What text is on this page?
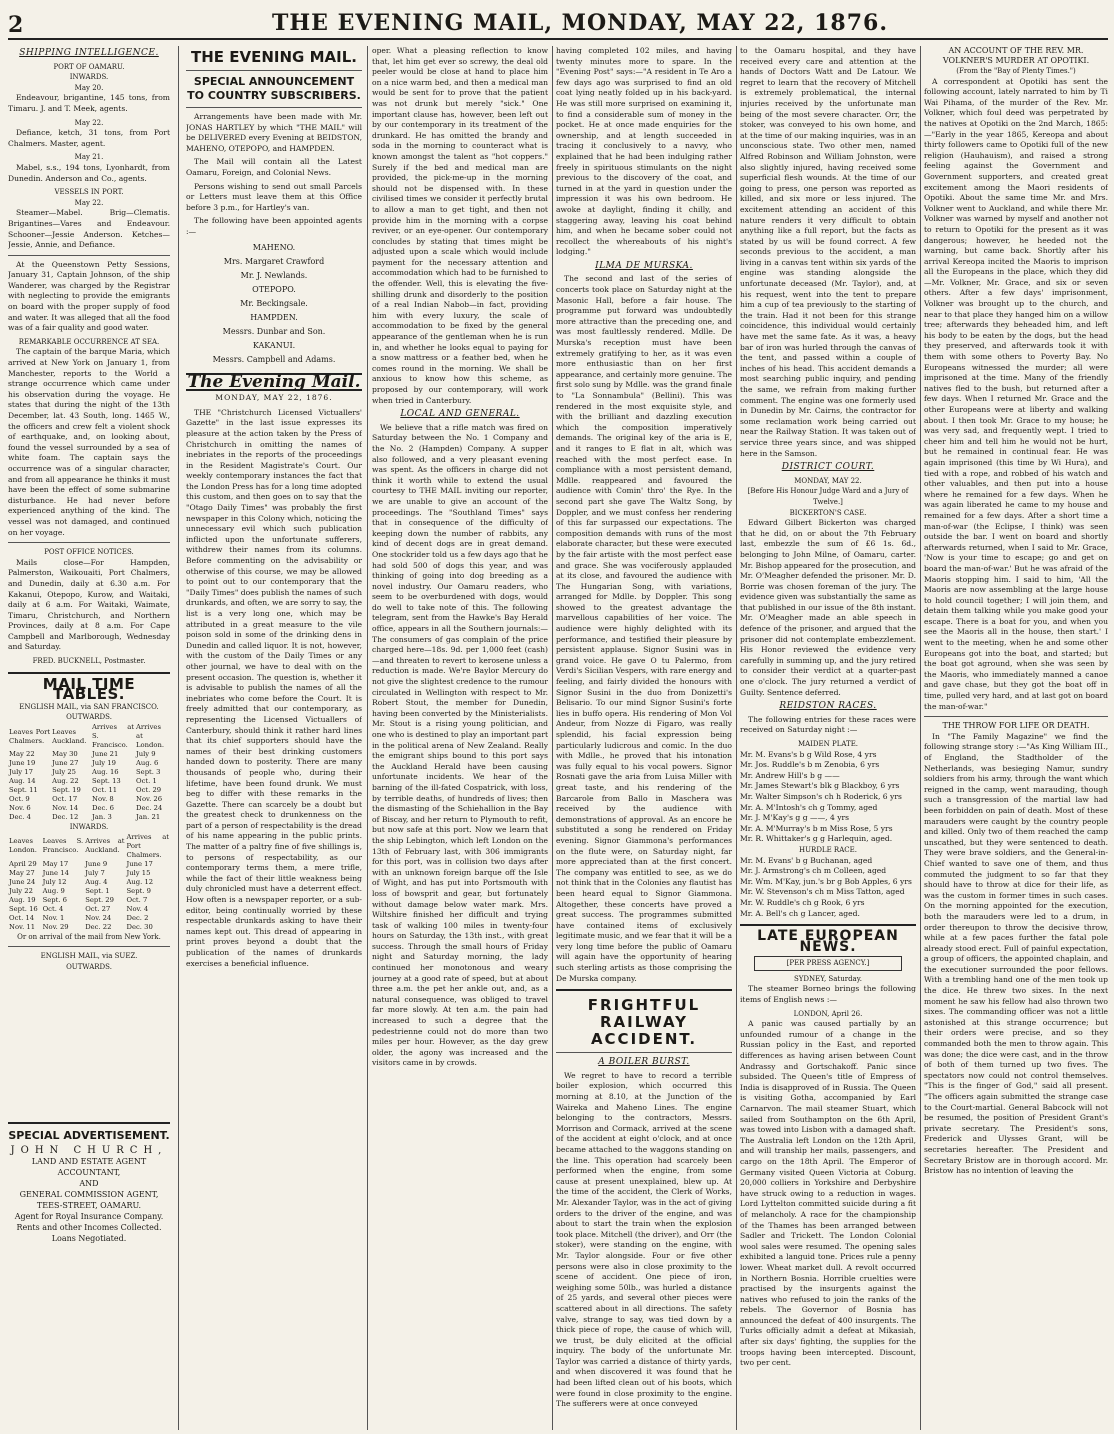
2	THE EVENING MAIL, MONDAY, MAY 22, 1876.
SHIPPING INTELLIGENCE.
PORT OF OAMARU.
INWARDS.
May 20.

Endeavour, brigantine, 145 tons, from Timaru. J. and T. Meek, agents.

May 22.

Defiance, ketch, 31 tons, from Port Chalmers. Master, agent.

May 21.

Mabel, s.s., 194 tons, Lyonhardt, from Dunedin. Anderson and Co., agents.

VESSELS IN PORT.
May 22.

Steamer—Mabel. Brig—Clematis. Brigantines—Vares and Endeavour. Schooner—Jessie Anderson. Ketches—Jessie, Annie, and Defiance.

At the Queenstown Petty Sessions, January 31, Captain Johnson, of the ship Wanderer, was charged by the Registrar with neglecting to provide the emigrants on board with the proper supply of food and water. It was alleged that all the food was of a fair quality and good water.

REMARKABLE OCCURRENCE AT SEA.

The captain of the barque Maria, which arrived at New York on January 1, from Manchester, reports to the World a strange occurrence which came under his observation during the voyage. He states that during the night of the 13th December, lat. 43 South, long. 1465 W., the officers and crew felt a violent shock of earthquake, and, on looking about, found the vessel surrounded by a sea of white foam. The captain says the occurrence was of a singular character, and from all appearance he thinks it must have been the effect of some submarine disturbance. He had never before experienced anything of the kind. The vessel was not damaged, and continued on her voyage.

POST OFFICE NOTICES.

Mails close—For Hampden, Palmerston, Waikouaiti, Port Chalmers, and Dunedin, daily at 6.30 a.m. For Kakanui, Otepopo, Kurow, and Waitaki, daily at 6 a.m. For Waitaki, Waimate, Timaru, Christchurch, and Northern Provinces, daily at 8 a.m. For Cape Campbell and Marlborough, Wednesday and Saturday.

FRED. BUCKNELL, Postmaster.
MAIL TIME TABLES.
ENGLISH MAIL, via SAN FRANCISCO.
OUTWARDS.
Leaves Port Chalmers.	Leaves Auckland.	Arrives at S. Francisco.	Arrives at London.
May 22	May 30	June 21	July 9
June 19	June 27	July 19	Aug. 6
July 17	July 25	Aug. 16	Sept. 3
Aug. 14	Aug. 22	Sept. 13	Oct. 1
Sept. 11	Sept. 19	Oct. 11	Oct. 29
Oct. 9	Oct. 17	Nov. 8	Nov. 26
Nov. 6	Nov. 14	Dec. 6	Dec. 24
Dec. 4	Dec. 12	Jan. 3	Jan. 21
INWARDS.
Leaves London.	Leaves S. Francisco.	Arrives at Auckland.	Arrives at Port Chalmers.
April 29	May 17	June 9	June 17
May 27	June 14	July 7	July 15
June 24	July 12	Aug. 4	Aug. 12
July 22	Aug. 9	Sept. 1	Sept. 9
Aug. 19	Sept. 6	Sept. 29	Oct. 7
Sept. 16	Oct. 4	Oct. 27	Nov. 4
Oct. 14	Nov. 1	Nov. 24	Dec. 2
Nov. 11	Nov. 29	Dec. 22	Dec. 30
Or on arrival of the mail from New York.
ENGLISH MAIL, via SUEZ.
OUTWARDS.
SPECIAL ADVERTISEMENT.
JOHN CHURCH,
LAND AND ESTATE AGENT
ACCOUNTANT,
AND
GENERAL COMMISSION AGENT,
TEES-STREET, OAMARU.
Agent for Royal Insurance Company. Rents and other Incomes Collected.
Loans Negotiated.
THE EVENING MAIL.
SPECIAL ANNOUNCEMENT TO COUNTRY SUBSCRIBERS.

Arrangements have been made with Mr. JONAS HARTLEY by which "THE MAIL" will be DELIVERED every Evening at BEIDSTON, MAHENO, OTEPOPO, and HAMPDEN.

The Mail will contain all the Latest Oamaru, Foreign, and Colonial News.

Persons wishing to send out small Parcels or Letters must leave them at this Office before 3 p.m., for Hartley's van.

The following have been appointed agents :—

MAHENO.
Mrs. Margaret Crawford
Mr. J. Newlands.
OTEPOPO.
Mr. Beckingsale.
HAMPDEN.
Messrs. Dunbar and Son.
KAKANUI.
Messrs. Campbell and Adams.
The Evening Mail.
MONDAY, MAY 22, 1876.

THE "Christchurch Licensed Victuallers' Gazette" in the last issue expresses its pleasure at the action taken by the Press of Christchurch in omitting the names of inebriates in the reports of the proceedings in the Resident Magistrate's Court. Our weekly contemporary instances the fact that the London Press has for a long time adopted this custom, and then goes on to say that the "Otago Daily Times" was probably the first newspaper in this Colony which, noticing the unnecessary evil which such publication inflicted upon the unfortunate sufferers, withdrew their names from its columns. Before commenting on the advisability or otherwise of this course, we may be allowed to point out to our contemporary that the "Daily Times" does publish the names of such drunkards, and often, we are sorry to say, the list is a very long one, which may be attributed in a great measure to the vile poison sold in some of the drinking dens in Dunedin and called liquor. It is not, however, with the custom of the Daily Times or any other journal, we have to deal with on the present occasion. The question is, whether it is advisable to publish the names of all the inebriates who come before the Court. It is freely admitted that our contemporary, as representing the Licensed Victuallers of Canterbury, should think it rather hard lines that its chief supporters should have the names of their best drinking customers handed down to posterity. There are many thousands of people who, during their lifetime, have been found drunk. We must beg to differ with these remarks in the Gazette. There can scarcely be a doubt but the greatest check to drunkenness on the part of a person of respectability is the dread of his name appearing in the public prints. The matter of a paltry fine of five shillings is, to persons of respectability, as our contemporary terms them, a mere trifle, while the fact of their little weakness being duly chronicled must have a deterrent effect. How often is a newspaper reporter, or a sub-editor, being continually worried by these respectable drunkards asking to have their names kept out. This dread of appearing in print proves beyond a doubt that the publication of the names of drunkards exercises a beneficial influence.

oper. What a pleasing reflection to know that, let him get ever so screwy, the deal old peeler would be close at hand to place him on a nice warm bed, and then a medical man would be sent for to prove that the patient was not drunk but merely "sick." One important clause has, however, been left out by our contemporary in its treatment of the drunkard. He has omitted the brandy and soda in the morning to counteract what is known amongst the talent as "hot coppers." Surely if the bed and medical man are provided, the pick-me-up in the morning should not be dispensed with. In these civilised times we consider it perfectly brutal to allow a man to get tight, and then not provide him in the morning with a corpse reviver, or an eye-opener. Our contemporary concludes by stating that times might be adjusted upon a scale which would include payment for the necessary attention and accommodation which had to be furnished to the offender. Well, this is elevating the five-shilling drunk and disorderly to the position of a real Indian Nabob—in fact, providing him with every luxury, the scale of accommodation to be fixed by the general appearance of the gentleman when he is run in, and whether he looks equal to paying for a snow mattress or a feather bed, when he comes round in the morning. We shall be anxious to know how this scheme, as proposed by our contemporary, will work when tried in Canterbury.

LOCAL AND GENERAL.

We believe that a rifle match was fired on Saturday between the No. 1 Company and the No. 2 (Hampden) Company. A supper also followed, and a very pleasant evening was spent. As the officers in charge did not think it worth while to extend the usual courtesy to THE MAIL inviting our reporter, we are unable to give an account of the proceedings. The "Southland Times" says that in consequence of the difficulty of keeping down the number of rabbits, any kind of decent dogs are in great demand. One stockrider told us a few days ago that he had sold 500 of dogs this year, and was thinking of going into dog breeding as a novel industry. Our Oamaru readers, who seem to be overburdened with dogs, would do well to take note of this. The following telegram, sent from the Hawke's Bay Herald office, appears in all the Southern journals:—The consumers of gas complain of the price charged here—18s. 9d. per 1,000 feet (cash)—and threaten to revert to kerosene unless a reduction is made. We're Baylor Mercury do not give the slightest credence to the rumour circulated in Wellington with respect to Mr. Robert Stout, the member for Dunedin, having been converted by the Ministerialists. Mr. Stout is a rising young politician, and one who is destined to play an important part in the political arena of New Zealand. Really the emigrant ships bound to this port says the Auckland Herald have been causing unfortunate incidents. We hear of the barning of the ill-fated Cospatrick, with loss, by terrible deaths, of hundreds of lives; then the dismasting of the Schiehallion in the Bay of Biscay, and her return to Plymouth to refit, but now safe at this port. Now we learn that the ship Lebington, which left London on the 13th of February last, with 306 immigrants for this port, was in collision two days after with an unknown foreign barque off the Isle of Wight, and has put into Portsmouth with loss of bowsprit and gear, but fortunately without damage below water mark. Mrs. Wiltshire finished her difficult and trying task of walking 100 miles in twenty-four hours on Saturday, the 13th inst., with great success. Through the small hours of Friday night and Saturday morning, the lady continued her monotonous and weary journey at a good rate of speed, but at about three a.m. the pet her ankle out, and, as a natural consequence, was obliged to travel far more slowly. At ten a.m. the pain had increased to such a degree that the pedestrienne could not do more than two miles per hour. However, as the day grew older, the agony was increased and the visitors came in by crowds.

having completed 102 miles, and having twenty minutes more to spare. In the "Evening Post" says:—"A resident in Te Aro a few days ago was surprised to find an old coat lying neatly folded up in his back-yard. He was still more surprised on examining it, to find a considerable sum of money in the pocket. He at once made enquiries for the ownership, and at length succeeded in tracing it conclusively to a navvy, who explained that he had been indulging rather freely in spirituous stimulants on the night previous to the discovery of the coat, and turned in at the yard in question under the impression it was his own bedroom. He awoke at daylight, finding it chilly, and staggering away, leaving his coat behind him, and when he became sober could not recollect the whereabouts of his night's lodging."

ILMA DE MURSKA.

The second and last of the series of concerts took place on Saturday night at the Masonic Hall, before a fair house. The programme put forward was undoubtedly more attractive than the preceding one, and was most faultlessly rendered. Mdlle. De Murska's reception must have been extremely gratifying to her, as it was even more enthusiastic than on her first appearance, and certainly more genuine. The first solo sung by Mdlle. was the grand finale to "La Sonnambula" (Bellini). This was rendered in the most exquisite style, and with the brilliant and dazzling execution which the composition imperatively demands. The original key of the aria is E, and it ranges to E flat in alt, which was reached with the most perfect ease. In compliance with a most persistent demand, Mdlle. reappeared and favoured the audience with Comin' thro' the Rye. In the second part she gave The Waltz Song, by Doppler, and we must confess her rendering of this far surpassed our expectations. The composition demands with runs of the most elaborate character, but these were executed by the fair artiste with the most perfect ease and grace. She was vociferously applauded at its close, and favoured the audience with The Hungarian Song, with variations, arranged for Mdlle. by Doppler. This song showed to the greatest advantage the marvellous capabilities of her voice. The audience were highly delighted with its performance, and testified their pleasure by persistent applause. Signor Susini was in grand voice. He gave O tu Palermo, from Verdi's Sicilian Vespers, with rare energy and feeling, and fairly divided the honours with Signor Susini in the duo from Donizetti's Belisario. To our mind Signor Susini's forte lies in buffo opera. His rendering of Mon Vol Andeur, from Nozze di Figaro, was really splendid, his facial expression being particularly ludicrous and comic. In the duo with Mdlle., he proved that his intonation was fully equal to his vocal powers. Signor Rosnati gave the aria from Luisa Miller with great taste, and his rendering of the Barcarole from Ballo in Maschera was received by the audience with demonstrations of approval. As an encore he substituted a song he rendered on Friday evening. Signor Giammona's performances on the flute were, on Saturday night, far more appreciated than at the first concert. The company was entitled to see, as we do not think that in the Colonies any flautist has been heard equal to Signor Giammona. Altogether, these concerts have proved a great success. The programmes submitted have contained items of exclusively legitimate music, and we fear that it will be a very long time before the public of Oamaru will again have the opportunity of hearing such sterling artists as those comprising the De Murska company.

FRIGHTFUL RAILWAY
ACCIDENT.
A BOILER BURST.

We regret to have to record a terrible boiler explosion, which occurred this morning at 8.10, at the Junction of the Waireka and Maheno Lines. The engine belonging to the contractors, Messrs. Morrison and Cormack, arrived at the scene of the accident at eight o'clock, and at once became attached to the waggons standing on the line. This operation had scarcely been performed when the engine, from some cause at present unexplained, blew up. At the time of the accident, the Clerk of Works, Mr. Alexander Taylor, was in the act of giving orders to the driver of the engine, and was about to start the train when the explosion took place. Mitchell (the driver), and Orr (the stoker), were standing on the engine, with Mr. Taylor alongside. Four or five other persons were also in close proximity to the scene of accident. One piece of iron, weighing some 50lb., was hurled a distance of 25 yards, and several other pieces were scattered about in all directions. The safety valve, strange to say, was tied down by a thick piece of rope, the cause of which will, we trust, be duly elicited at the official inquiry. The body of the unfortunate Mr. Taylor was carried a distance of thirty yards, and when discovered it was found that he had been lifted clean out of his boots, which were found in close proximity to the engine. The sufferers were at once conveyed

to the Oamaru hospital, and they have received every care and attention at the hands of Doctors Watt and De Latour. We regret to learn that the recovery of Mitchell is extremely problematical, the internal injuries received by the unfortunate man being of the most severe character. Orr, the stoker, was conveyed to his own home, and at the time of our making inquiries, was in an unconscious state. Two other men, named Alfred Robinson and William Johnston, were also slightly injured, having received some superficial flesh wounds. At the time of our going to press, one person was reported as killed, and six more or less injured. The excitement attending an accident of this nature renders it very difficult to obtain anything like a full report, but the facts as stated by us will be found correct. A few seconds previous to the accident, a man living in a canvas tent within six yards of the engine was standing alongside the unfortunate deceased (Mr. Taylor), and, at his request, went into the tent to prepare him a cup of tea previously to the starting of the train. Had it not been for this strange coincidence, this individual would certainly have met the same fate. As it was, a heavy bar of iron was hurled through the canvas of the tent, and passed within a couple of inches of his head. This accident demands a most searching public inquiry, and pending the same, we refrain from making further comment. The engine was one formerly used in Dunedin by Mr. Cairns, the contractor for some reclamation work being carried out near the Railway Station. It was taken out of service three years since, and was shipped here in the Samson.

DISTRICT COURT.
MONDAY, MAY 22.
[Before His Honour Judge Ward and a Jury of Twelve.]
BICKERTON'S CASE.

Edward Gilbert Bickerton was charged that he did, on or about the 7th February last, embezzle the sum of £6 1s. 6d., belonging to John Milne, of Oamaru, carter. Mr. Bishop appeared for the prosecution, and Mr. O'Meagher defended the prisoner. Mr. D. Borrie was chosen foreman of the jury. The evidence given was substantially the same as that published in our issue of the 8th instant. Mr. O'Meagher made an able speech in defence of the prisoner, and argued that the prisoner did not contemplate embezzlement. His Honor reviewed the evidence very carefully in summing up, and the jury retired to consider their verdict at a quarter-past one o'clock. The jury returned a verdict of Guilty. Sentence deferred.

REIDSTON RACES.

The following entries for these races were received on Saturday night :—

MAIDEN PLATE.
Mr. M. Evans's b g Wild Rose, 4 yrs
Mr. Jos. Ruddle's b m Zenobia, 6 yrs
Mr. Andrew Hill's b g ——
Mr. James Stewart's blk g Blackboy, 6 yrs
Mr. Walter Simpson's ch h Roderick, 6 yrs
Mr. A. M'Intosh's ch g Tommy, aged
Mr. J. M'Kay's g g ——, 4 yrs
Mr. A. M'Murray's b m Miss Rose, 5 yrs
Mr. R. Whittaker's g g Harlequin, aged.
HURDLE RACE.
Mr. M. Evans' b g Buchanan, aged
Mr. J. Armstrong's ch m Colleen, aged
Mr. Wm. M'Kay, jun.'s br g Bob Apples, 6 yrs
Mr. W. Stevenson's ch m Miss Tatton, aged
Mr. W. Ruddle's ch g Rook, 6 yrs
Mr. A. Bell's ch g Lancer, aged.
LATE EUROPEAN NEWS.
[PER PRESS AGENCY.]
SYDNEY, Saturday.

The steamer Borneo brings the following items of English news :—

LONDON, April 26.

A panic was caused partially by an unfounded rumour of a change in the Russian policy in the East, and reported differences as having arisen between Count Andrassy and Gortschakoff. Panic since subsided. The Queen's title of Empress of India is disapproved of in Russia. The Queen is visiting Gotha, accompanied by Earl Carnarvon. The mail steamer Stuart, which sailed from Southampton on the 6th April, was towed into Lisbon with a damaged shaft. The Australia left London on the 12th April, and will tranship her mails, passengers, and cargo on the 18th April. The Emperor of Germany visited Queen Victoria at Coburg. 20,000 colliers in Yorkshire and Derbyshire have struck owing to a reduction in wages. Lord Lyttelton committed suicide during a fit of melancholy. A race for the championship of the Thames has been arranged between Sadler and Trickett. The London Colonial wool sales were resumed. The opening sales exhibited a languid tone. Prices rule a penny lower. Wheat market dull. A revolt occurred in Northern Bosnia. Horrible cruelties were practised by the insurgents against the natives who refused to join the ranks of the rebels. The Governor of Bosnia has announced the defeat of 400 insurgents. The Turks officially admit a defeat at Mikasiah, after six days' fighting, the supplies for the troops having been intercepted. Discount, two per cent.

AN ACCOUNT OF THE REV. MR. VOLKNER'S MURDER AT OPOTIKI.
(From the "Bay of Plenty Times.")

A correspondent at Opotiki has sent the following account, lately narrated to him by Ti Wai Pihama, of the murder of the Rev. Mr. Volkner, which foul deed was perpetrated by the natives at Opotiki on the 2nd March, 1865:—"Early in the year 1865, Kereopa and about thirty followers came to Opotiki full of the new religion (Hauhauism), and raised a strong feeling against the Government and Government supporters, and created great excitement among the Maori residents of Opotiki. About the same time Mr. and Mrs. Volkner went to Auckland, and while there Mr. Volkner was warned by myself and another not to return to Opotiki for the present as it was dangerous; however, he heeded not the warning, but came back. Shortly after his arrival Kereopa incited the Maoris to imprison all the Europeans in the place, which they did—Mr. Volkner, Mr. Grace, and six or seven others. After a few days' imprisonment, Volkner was brought up to the church, and near to that place they hanged him on a willow tree; afterwards they beheaded him, and left his body to be eaten by the dogs, but the head they preserved, and afterwards took it with them with some others to Poverty Bay. No Europeans witnessed the murder; all were imprisoned at the time. Many of the friendly natives fled to the bush, but returned after a few days. When I returned Mr. Grace and the other Europeans were at liberty and walking about. I then took Mr. Grace to my house; he was very sad, and frequently wept. I tried to cheer him and tell him he would not be hurt, but he remained in continual fear. He was again imprisoned (this time by Wi Hura), and tied with a rope, and robbed of his watch and other valuables, and then put into a house where he remained for a few days. When he was again liberated he came to my house and remained for a few days. After a short time a man-of-war (the Eclipse, I think) was seen outside the bar. I went on board and shortly afterwards returned, when I said to Mr. Grace, 'Now is your time to escape; go and get on board the man-of-war.' But he was afraid of the Maoris stopping him. I said to him, 'All the Maoris are now assembling at the large house to hold council together; I will join them, and detain them talking while you make good your escape. There is a boat for you, and when you see the Maoris all in the house, then start.' I went to the meeting, when he and some other Europeans got into the boat, and started; but the boat got aground, when she was seen by the Maoris, who immediately manned a canoe and gave chase, but they got the boat off in time, pulled very hard, and at last got on board the man-of-war."

THE THROW FOR LIFE OR DEATH.

In "The Family Magazine" we find the following strange story :—"As King William III., of England, the Stadtholder of the Netherlands, was besieging Namur, sundry soldiers from his army, through the want which reigned in the camp, went marauding, though such a transgression of the martial law had been forbidden on pain of death. Most of these marauders were caught by the country people and killed. Only two of them reached the camp unscathed, but they were sentenced to death. They were brave soldiers, and the General-in-Chief wanted to save one of them, and thus commuted the judgment to so far that they should have to throw at dice for their life, as was the custom in former times in such cases. On the morning appointed for the execution, both the marauders were led to a drum, in order thereupon to throw the decisive throw, while at a few paces further the fatal pole already stood erect. Full of painful expectation, a group of officers, the appointed chaplain, and the executioner surrounded the poor fellows. With a trembling hand one of the men took up the dice. He threw two sixes. In the next moment he saw his fellow had also thrown two sixes. The commanding officer was not a little astonished at this strange occurrence; but their orders were precise, and so they commanded both the men to throw again. This was done; the dice were cast, and in the throw of both of them turned up two fives. The spectators now could not control themselves. "This is the finger of God," said all present. "The officers again submitted the strange case to the Court-martial. General Babcock will not be resumed, the position of President Grant's private secretary. The President's sons, Frederick and Ulysses Grant, will be secretaries hereafter. The President and Secretary Bristow are in thorough accord. Mr. Bristow has no intention of leaving the
